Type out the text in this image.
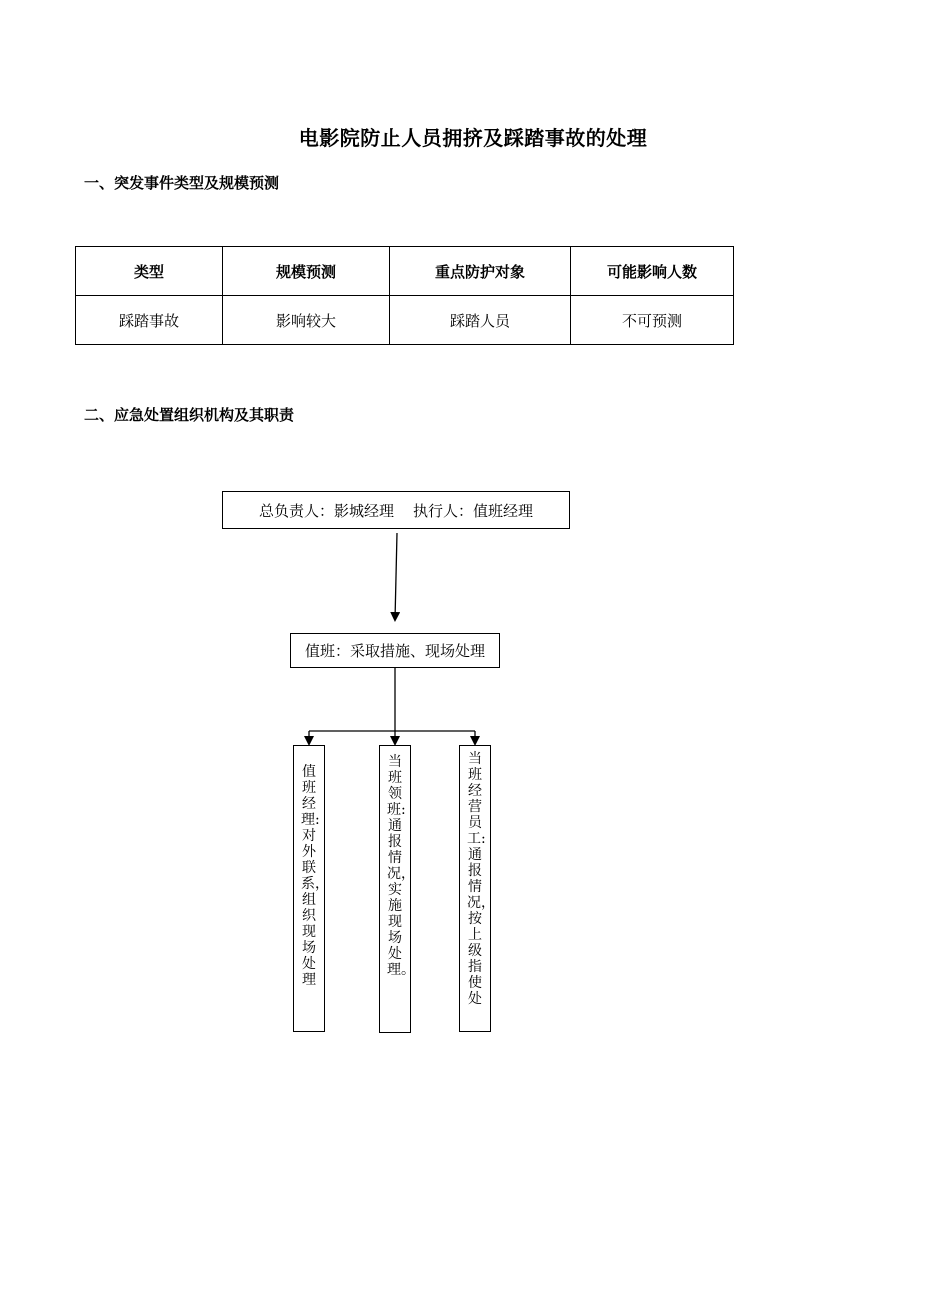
电影院防止人员拥挤及踩踏事故的处理
一、突发事件类型及规模预测
类型	规模预测	重点防护对象	可能影响人数
踩踏事故	影响较大	踩踏人员	不可预测
二、应急处置组织机构及其职责
总负责人：影城经理    执行人：值班经理
值班：采取措施、现场处理
值班经理:对外联系，组织现场处理
当班领班:通报情况，实施现场处理。
当班经营员工:通报情况，按上级指使处
